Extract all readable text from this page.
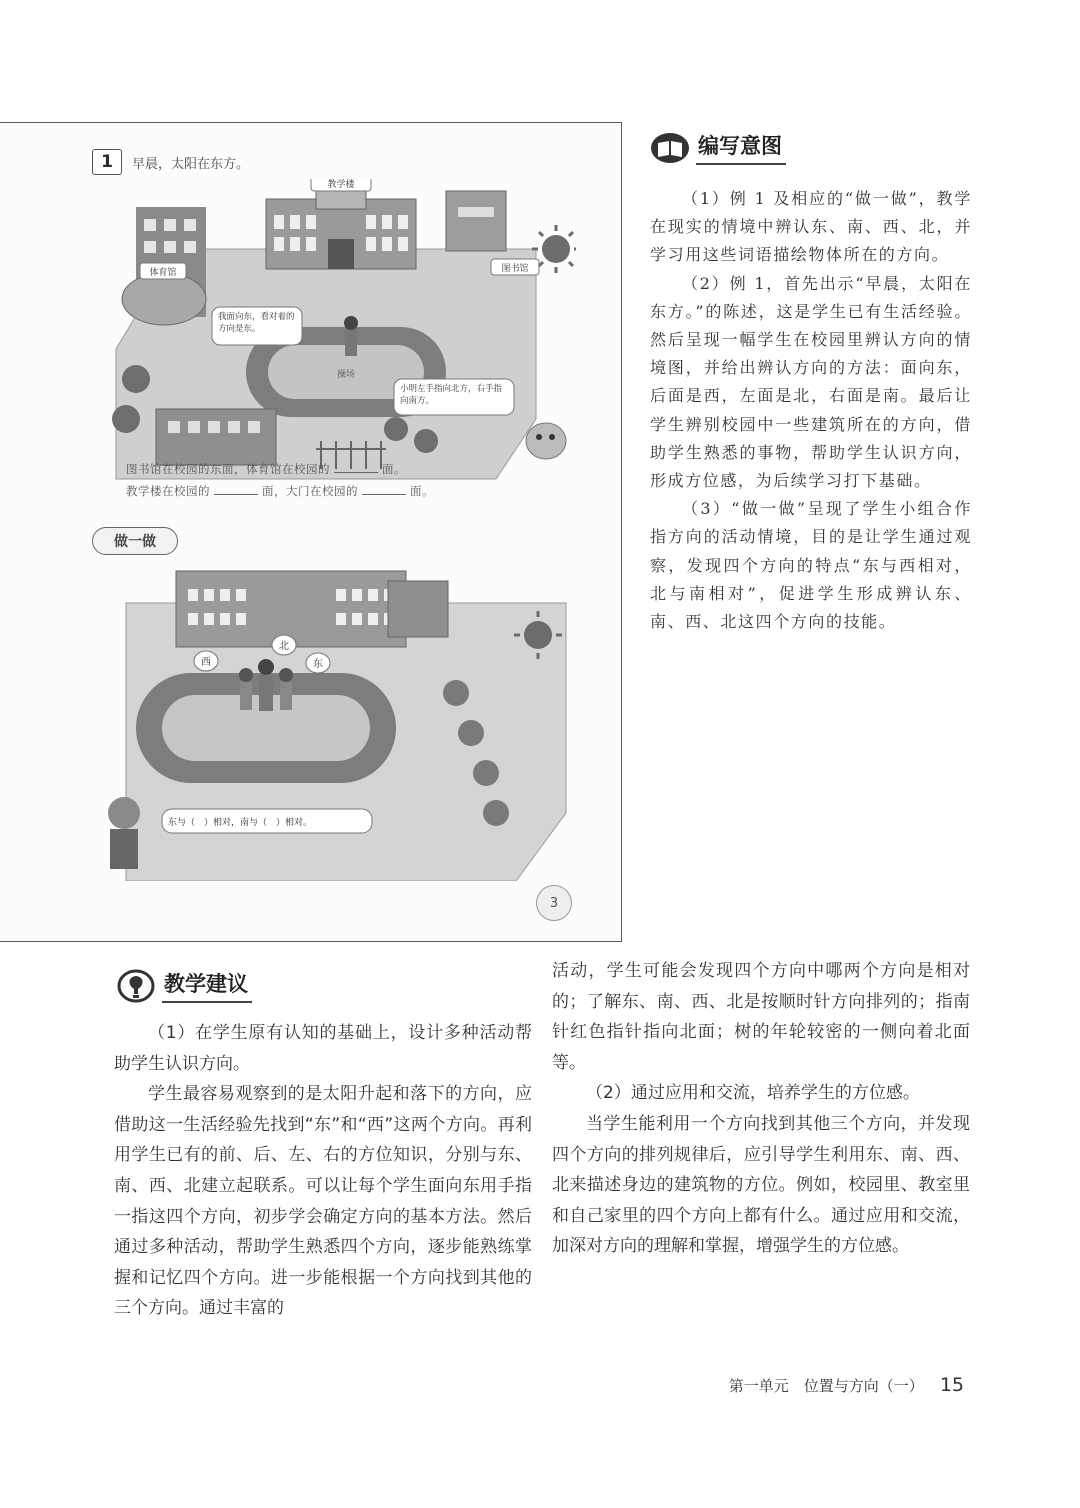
1	早晨，太阳在东方。
教学楼
图书馆
体育馆
操场
我面向东，看对着的方向是东。
小明左手指向北方，右手指向南方。
图书馆在校园的东面，体育馆在校园的	面。
教学楼在校园的	面，大门在校园的	面。
做一做
北
西	东
东与（　）相对，南与（　）相对。
3
编写意图

（1）例 1 及相应的“做一做”，教学在现实的情境中辨认东、南、西、北，并学习用这些词语描绘物体所在的方向。

（2）例 1，首先出示“早晨，太阳在东方。”的陈述，这是学生已有生活经验。然后呈现一幅学生在校园里辨认方向的情境图，并给出辨认方向的方法：面向东，后面是西，左面是北，右面是南。最后让学生辨别校园中一些建筑所在的方向，借助学生熟悉的事物，帮助学生认识方向，形成方位感，为后续学习打下基础。

（3）“做一做”呈现了学生小组合作指方向的活动情境，目的是让学生通过观察，发现四个方向的特点“东与西相对，北与南相对”，促进学生形成辨认东、南、西、北这四个方向的技能。

教学建议

（1）在学生原有认知的基础上，设计多种活动帮助学生认识方向。

学生最容易观察到的是太阳升起和落下的方向，应借助这一生活经验先找到“东”和“西”这两个方向。再利用学生已有的前、后、左、右的方位知识，分别与东、南、西、北建立起联系。可以让每个学生面向东用手指一指这四个方向，初步学会确定方向的基本方法。然后通过多种活动，帮助学生熟悉四个方向，逐步能熟练掌握和记忆四个方向。进一步能根据一个方向找到其他的三个方向。通过丰富的

活动，学生可能会发现四个方向中哪两个方向是相对的；了解东、南、西、北是按顺时针方向排列的；指南针红色指针指向北面；树的年轮较密的一侧向着北面等。

（2）通过应用和交流，培养学生的方位感。

当学生能利用一个方向找到其他三个方向，并发现四个方向的排列规律后，应引导学生利用东、南、西、北来描述身边的建筑物的方位。例如，校园里、教室里和自己家里的四个方向上都有什么。通过应用和交流，加深对方向的理解和掌握，增强学生的方位感。

第一单元　位置与方向（一） 15
